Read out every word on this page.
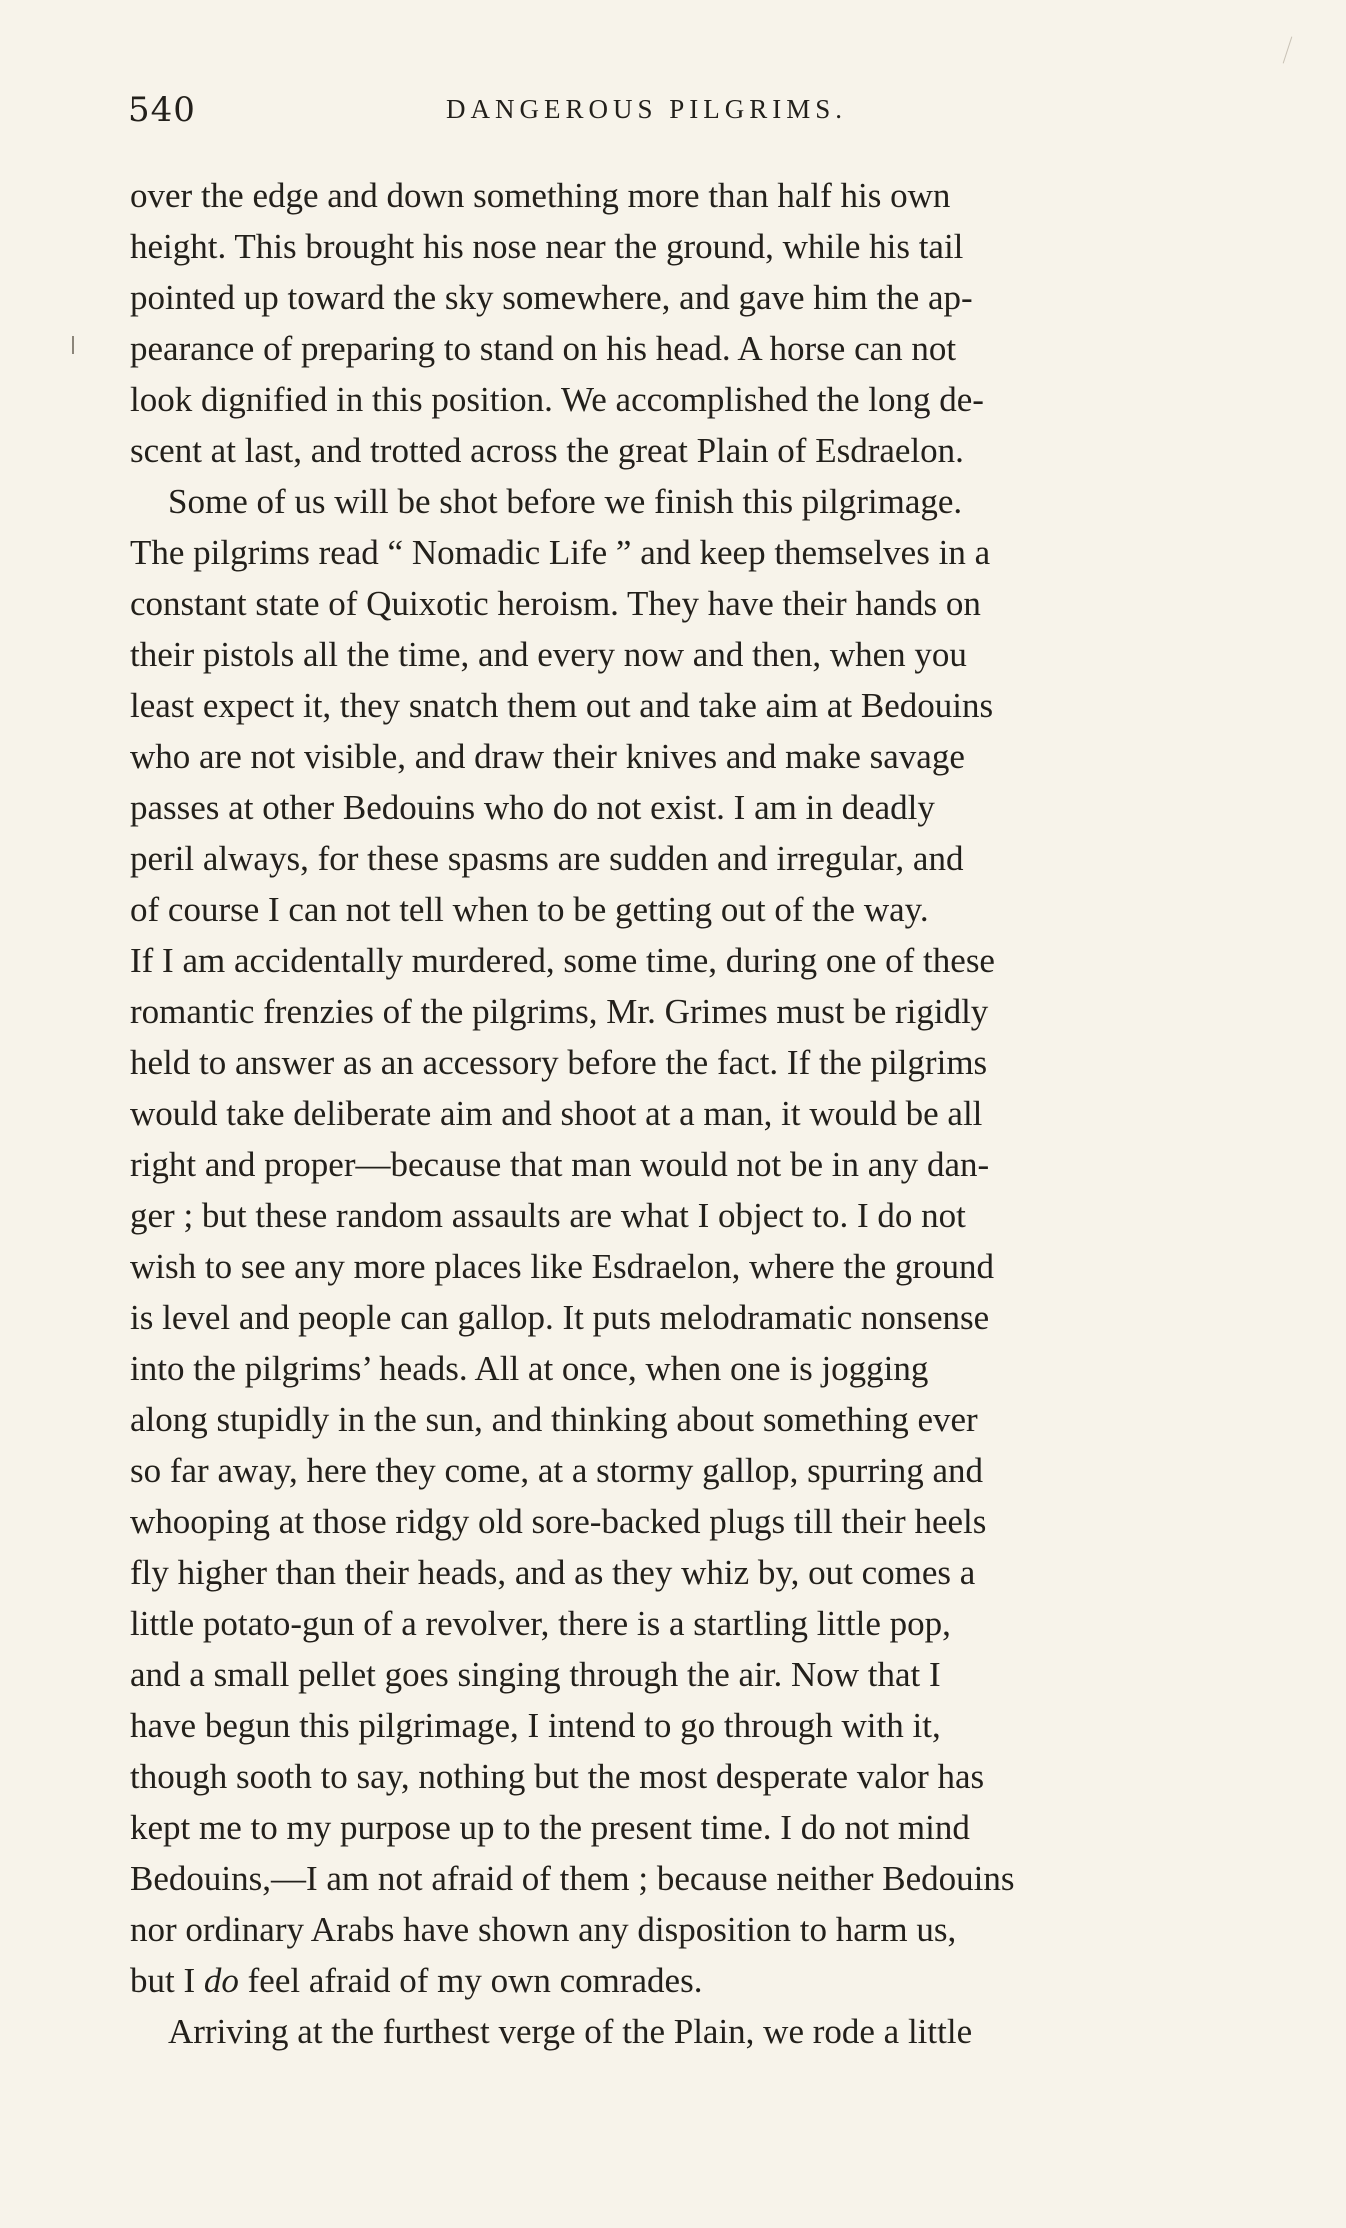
540	DANGEROUS PILGRIMS.
over the edge and down something more than half his own
height. This brought his nose near the ground, while his tail
pointed up toward the sky somewhere, and gave him the ap-
pearance of preparing to stand on his head. A horse can not
look dignified in this position. We accomplished the long de-
scent at last, and trotted across the great Plain of Esdraelon.
Some of us will be shot before we finish this pilgrimage.
The pilgrims read “ Nomadic Life ” and keep themselves in a
constant state of Quixotic heroism. They have their hands on
their pistols all the time, and every now and then, when you
least expect it, they snatch them out and take aim at Bedouins
who are not visible, and draw their knives and make savage
passes at other Bedouins who do not exist. I am in deadly
peril always, for these spasms are sudden and irregular, and
of course I can not tell when to be getting out of the way.
If I am accidentally murdered, some time, during one of these
romantic frenzies of the pilgrims, Mr. Grimes must be rigidly
held to answer as an accessory before the fact. If the pilgrims
would take deliberate aim and shoot at a man, it would be all
right and proper—because that man would not be in any dan-
ger ; but these random assaults are what I object to. I do not
wish to see any more places like Esdraelon, where the ground
is level and people can gallop. It puts melodramatic nonsense
into the pilgrims’ heads. All at once, when one is jogging
along stupidly in the sun, and thinking about something ever
so far away, here they come, at a stormy gallop, spurring and
whooping at those ridgy old sore-backed plugs till their heels
fly higher than their heads, and as they whiz by, out comes a
little potato-gun of a revolver, there is a startling little pop,
and a small pellet goes singing through the air. Now that I
have begun this pilgrimage, I intend to go through with it,
though sooth to say, nothing but the most desperate valor has
kept me to my purpose up to the present time. I do not mind
Bedouins,—I am not afraid of them ; because neither Bedouins
nor ordinary Arabs have shown any disposition to harm us,
but I do feel afraid of my own comrades.
Arriving at the furthest verge of the Plain, we rode a little
